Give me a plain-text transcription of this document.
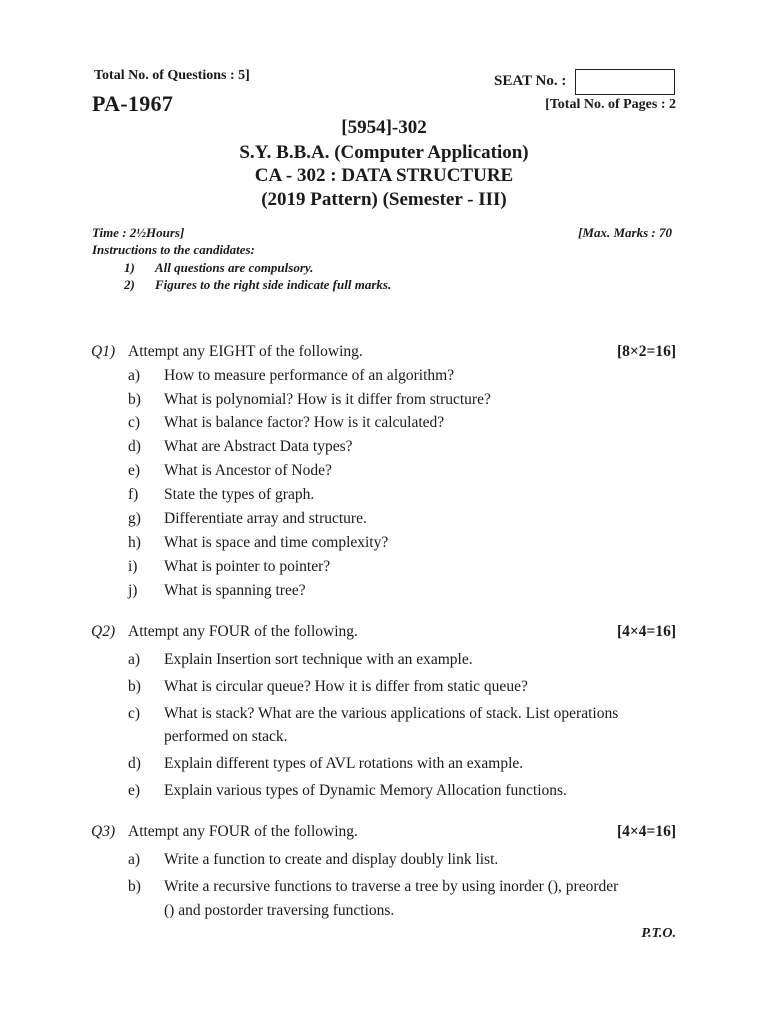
Total No. of Questions : 5]
PA-1967
SEAT No. :
[Total No. of Pages : 2
[5954]-302
S.Y. B.B.A. (Computer Application)
CA - 302 : DATA STRUCTURE
(2019 Pattern) (Semester - III)
Time : 2½Hours]	[Max. Marks : 70
Instructions to the candidates:
1) All questions are compulsory.
2) Figures to the right side indicate full marks.
Q1) Attempt any EIGHT of the following.	[8×2=16]
a) How to measure performance of an algorithm?
b) What is polynomial? How is it differ from structure?
c) What is balance factor? How is it calculated?
d) What are Abstract Data types?
e) What is Ancestor of Node?
f) State the types of graph.
g) Differentiate array and structure.
h) What is space and time complexity?
i) What is pointer to pointer?
j) What is spanning tree?
Q2) Attempt any FOUR of the following.	[4×4=16]
a) Explain Insertion sort technique with an example.
b) What is circular queue? How it is differ from static queue?
c) What is stack? What are the various applications of stack. List operations
performed on stack.
d) Explain different types of AVL rotations with an example.
e) Explain various types of Dynamic Memory Allocation functions.
Q3) Attempt any FOUR of the following.	[4×4=16]
a) Write a function to create and display doubly link list.
b) Write a recursive functions to traverse a tree by using inorder (), preorder
() and postorder traversing functions.
P.T.O.
